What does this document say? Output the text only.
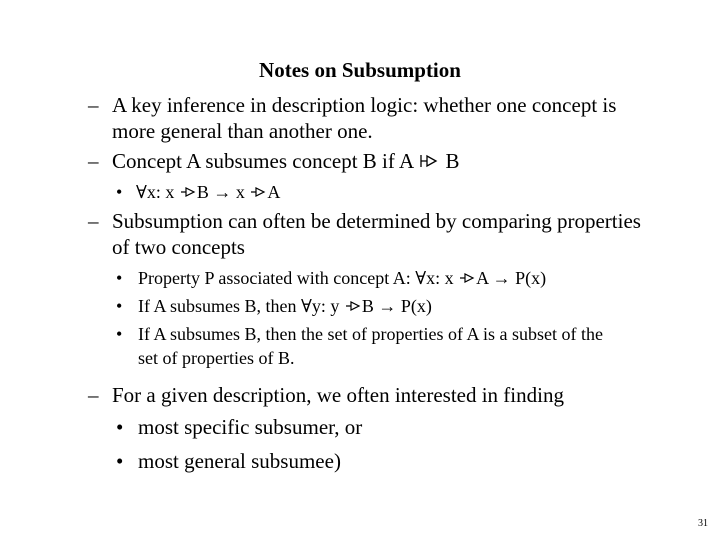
Notes on Subsumption
– A key inference in description logic: whether one concept is
more general than another one.
– Concept A subsumes concept B if A B
• ∀x: x B → x A
– Subsumption can often be determined by comparing properties
of two concepts
• Property P associated with concept A: ∀x: x A → P(x)
• If A subsumes B, then ∀y: y B → P(x)
• If A subsumes B, then the set of properties of A is a subset of the
set of properties of B.
– For a given description, we often interested in finding
• most specific subsumer, or
• most general subsumee)
31
